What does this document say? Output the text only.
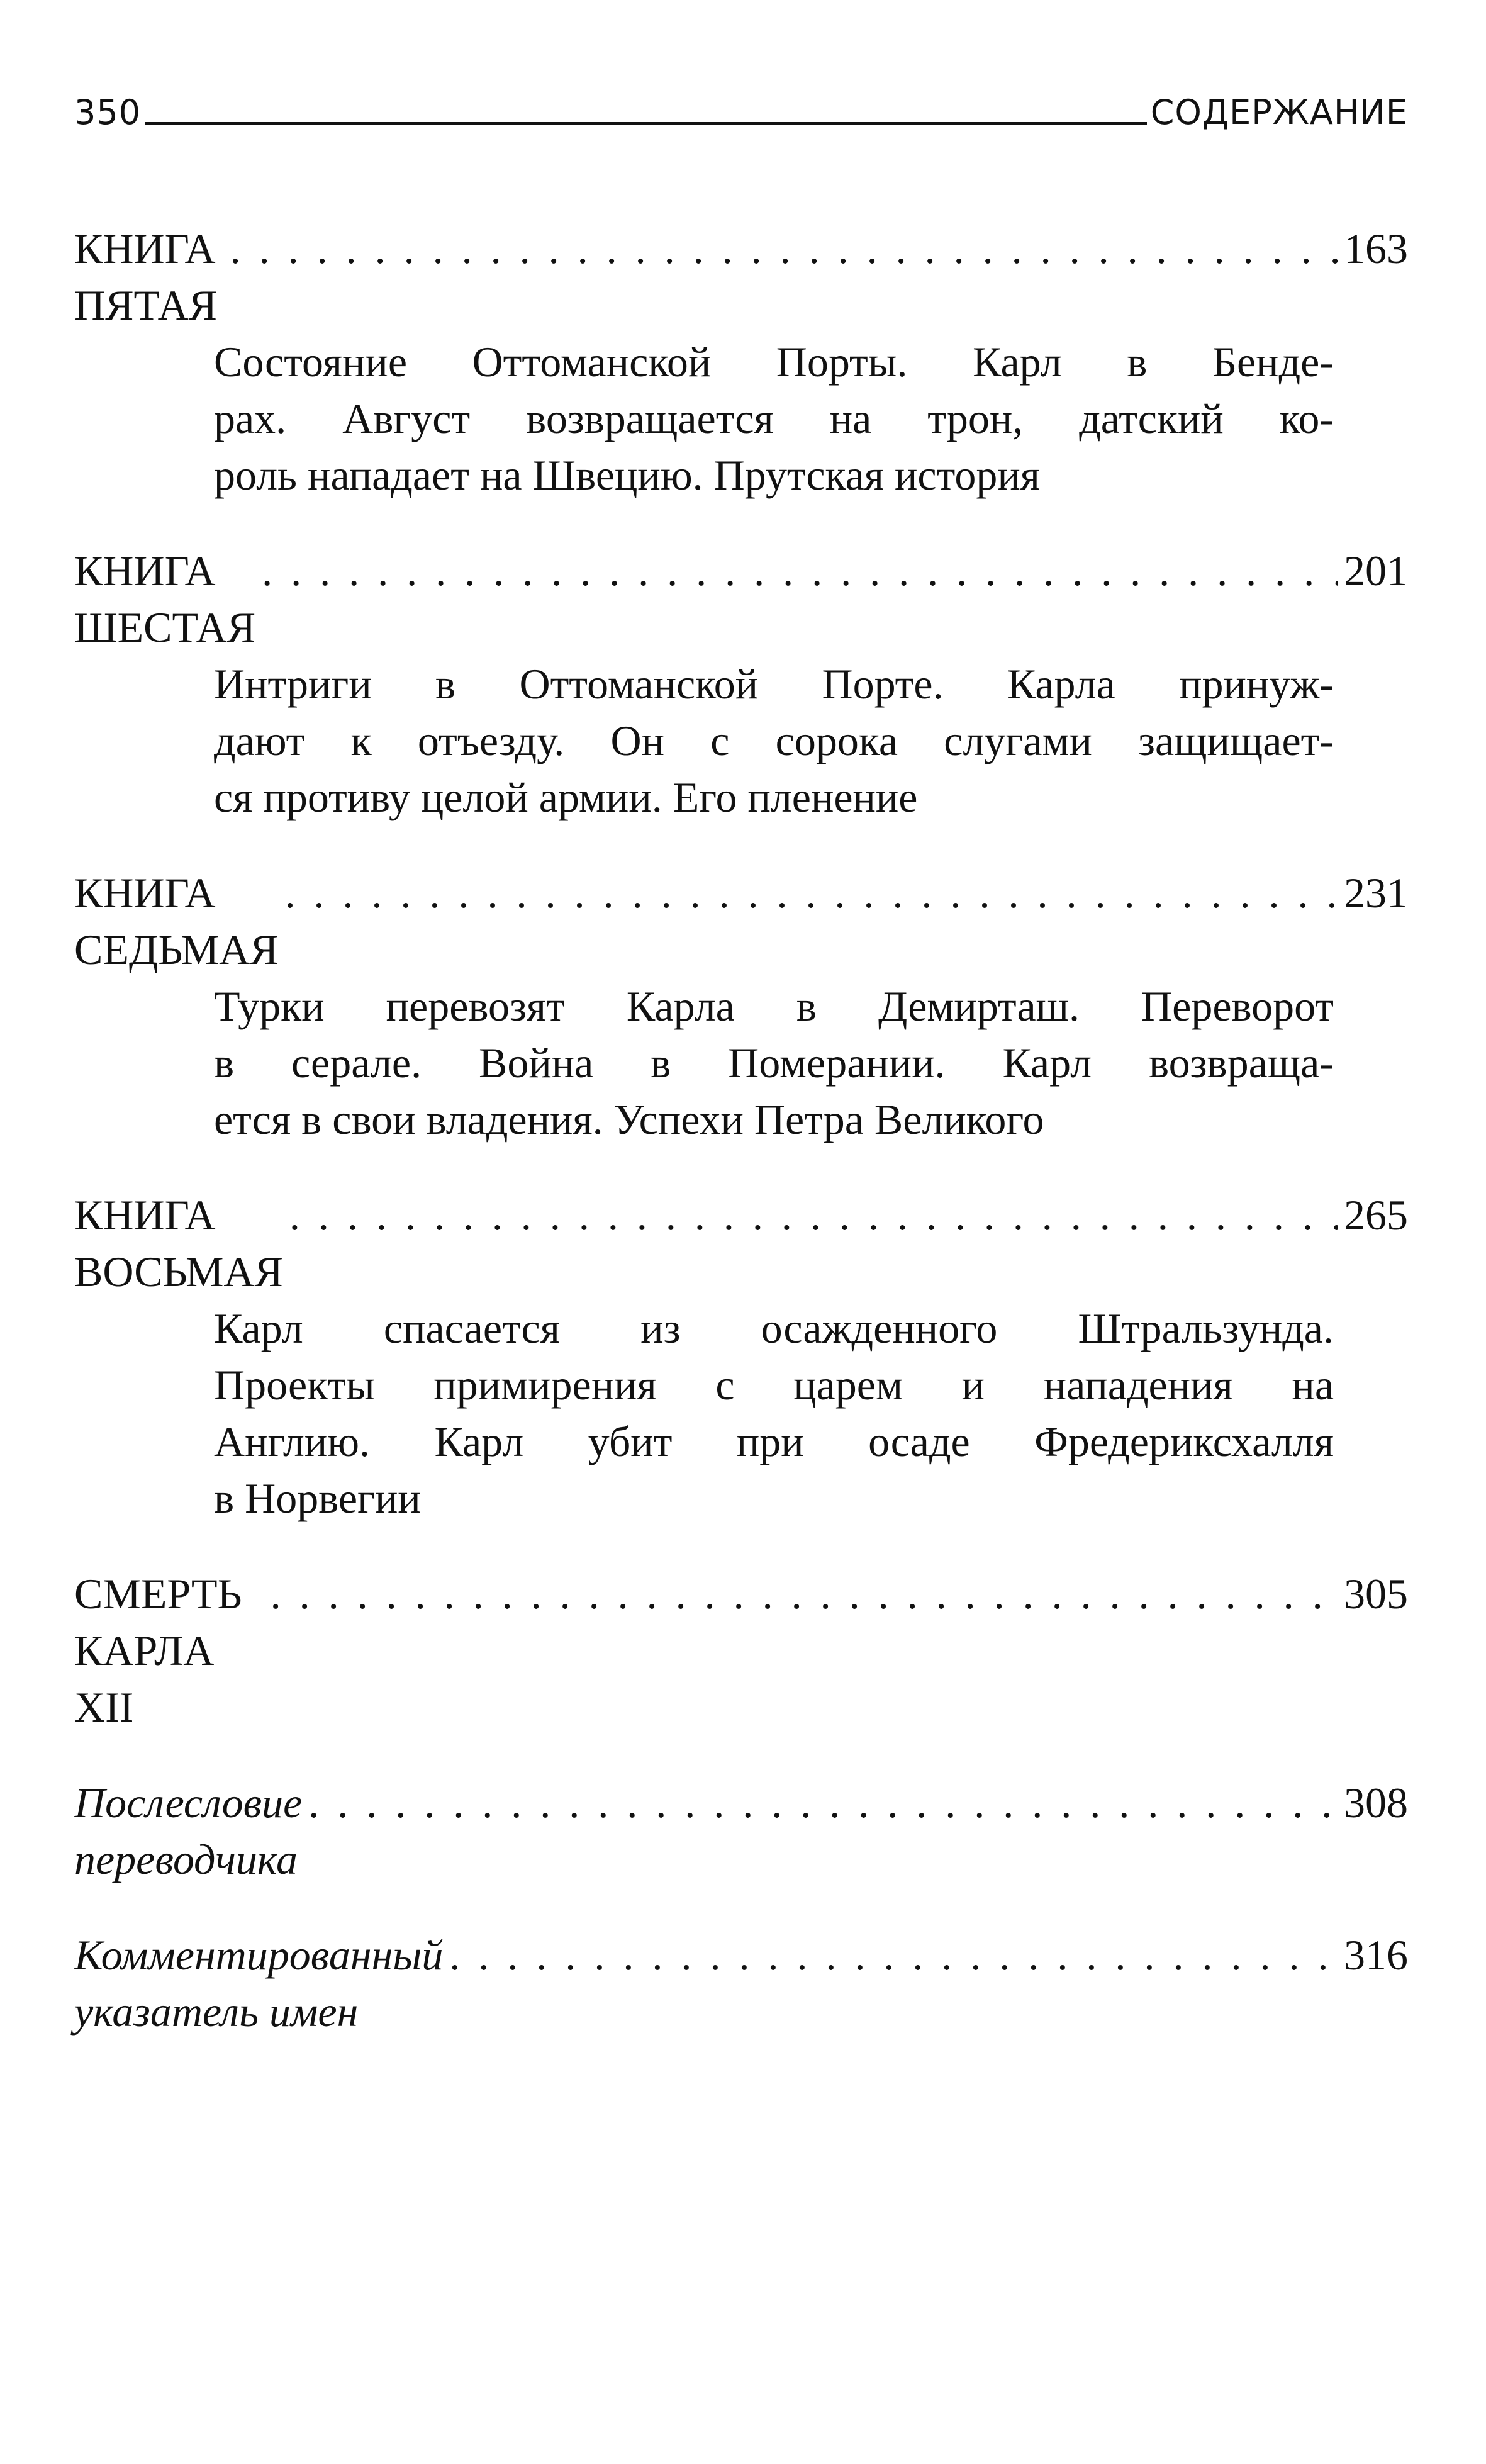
350	СОДЕРЖАНИЕ
КНИГА ПЯТАЯ
. . .
163
Состояние Оттоманской Порты. Карл в Бенде-
рах. Август возвращается на трон, датский ко-
роль нападает на Швецию. Прутская история
КНИГА ШЕСТАЯ
. . .
201
Интриги в Оттоманской Порте. Карла принуж-
дают к отъезду. Он с сорока слугами защищает-
ся противу целой армии. Его пленение
КНИГА СЕДЬМАЯ
. . .
231
Турки перевозят Карла в Демирташ. Переворот
в серале. Война в Померании. Карл возвраща-
ется в свои владения. Успехи Петра Великого
КНИГА ВОСЬМАЯ
. . .
265
Карл спасается из осажденного Штральзунда.
Проекты примирения с царем и нападения на
Англию. Карл убит при осаде Фредериксхалля
в Норвегии
СМЕРТЬ КАРЛА XII
. . .
305
Послесловие переводчика
. . .
308
Комментированный указатель имен
. . .
316
